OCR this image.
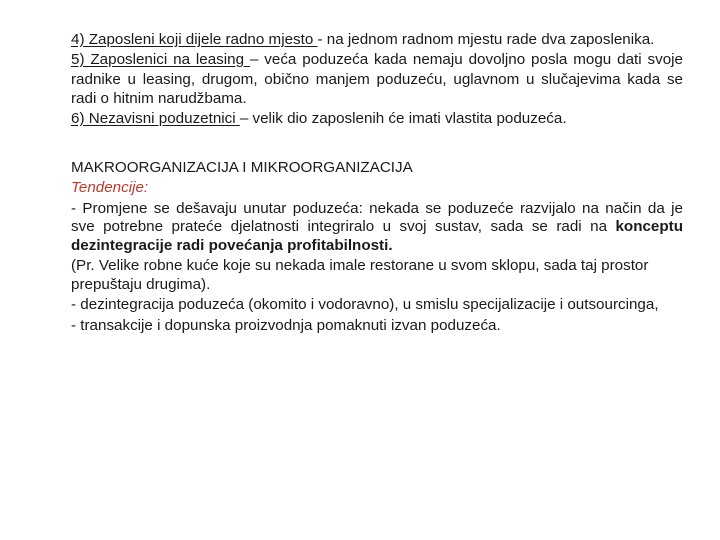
4) Zaposleni koji dijele radno mjesto - na jednom radnom mjestu rade dva zaposlenika.

5) Zaposlenici na leasing – veća poduzeća kada nemaju dovoljno posla mogu dati svoje radnike u leasing, drugom, obično manjem poduzeću, uglavnom u slučajevima kada se radi o hitnim narudžbama.

6) Nezavisni poduzetnici – velik dio zaposlenih će imati vlastita poduzeća.

MAKROORGANIZACIJA I MIKROORGANIZACIJA

Tendencije:

- Promjene se dešavaju unutar poduzeća: nekada se poduzeće razvijalo na način da je sve potrebne prateće djelatnosti integriralo u svoj sustav, sada se radi na konceptu dezintegracije radi povećanja profitabilnosti.

(Pr. Velike robne kuće koje su nekada imale restorane u svom sklopu, sada taj prostor prepuštaju drugima).

- dezintegracija poduzeća (okomito i vodoravno), u smislu specijalizacije i outsourcinga,

- transakcije i dopunska proizvodnja pomaknuti izvan poduzeća.
